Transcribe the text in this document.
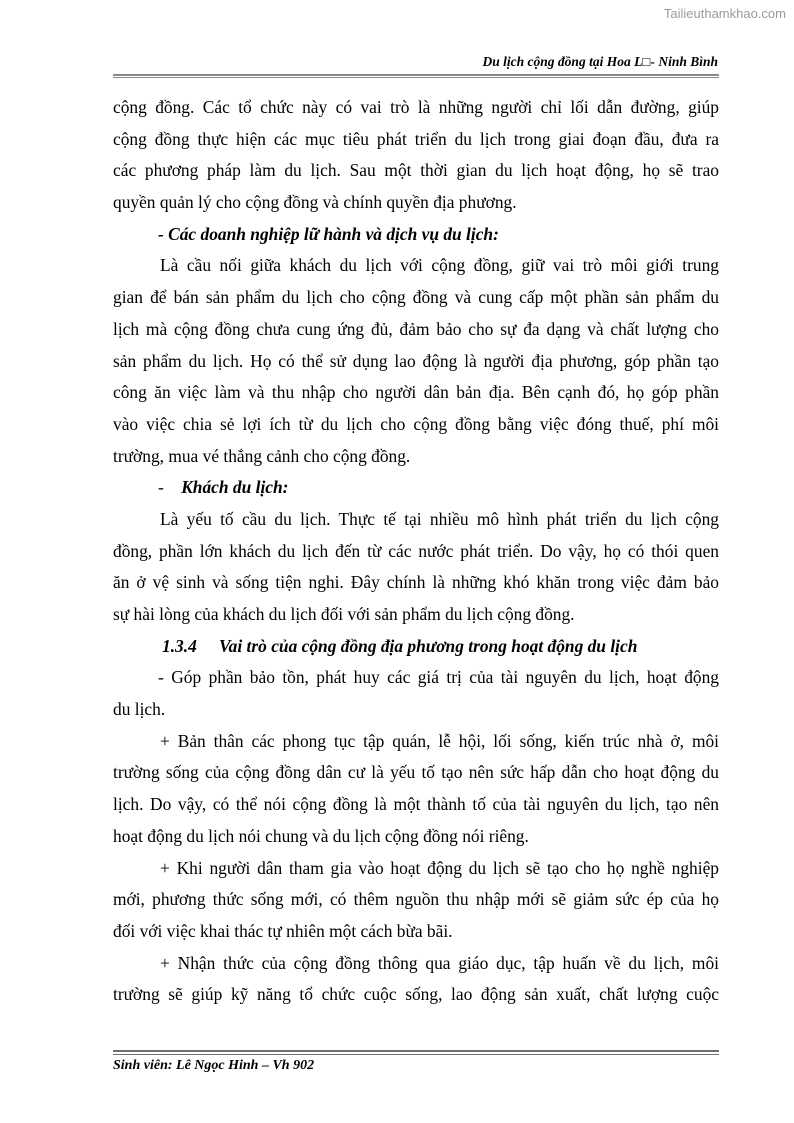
Tailieuthamkhao.com
Du lịch cộng đồng tại Hoa L□- Ninh Bình
cộng đồng. Các tổ chức này có vai trò là những người chỉ lối dẫn đường, giúp
cộng đồng thực hiện các mục tiêu phát triển du lịch trong giai đoạn đầu, đưa ra
các phương pháp làm du lịch. Sau một thời gian du lịch hoạt động, họ sẽ trao
quyền quản lý cho cộng đồng và chính quyền địa phương.
- Các doanh nghiệp lữ hành và dịch vụ du lịch:
Là cầu nối giữa khách du lịch với cộng đồng, giữ vai trò môi giới trung
gian để bán sản phẩm du lịch cho cộng đồng và cung cấp một phần sản phẩm du
lịch mà cộng đồng chưa cung ứng đủ, đảm bảo cho sự đa dạng và chất lượng cho
sản phẩm du lịch. Họ có thể sử dụng lao động là người địa phương, góp phần tạo
công ăn việc làm và thu nhập cho người dân bản địa. Bên cạnh đó, họ góp phần
vào việc chia sẻ lợi ích từ du lịch cho cộng đồng bằng việc đóng thuế, phí môi
trường, mua vé thắng cảnh cho cộng đồng.
- Khách du lịch:
Là yếu tố cầu du lịch. Thực tế tại nhiều mô hình phát triển du lịch cộng
đồng, phần lớn khách du lịch đến từ các nước phát triển. Do vậy, họ có thói quen
ăn ở vệ sinh và sống tiện nghi. Đây chính là những khó khăn trong việc đảm bảo
sự hài lòng của khách du lịch đối với sản phẩm du lịch cộng đồng.
1.3.4 Vai trò của cộng đồng địa phương trong hoạt động du lịch
- Góp phần bảo tồn, phát huy các giá trị của tài nguyên du lịch, hoạt động
du lịch.
+ Bản thân các phong tục tập quán, lễ hội, lối sống, kiến trúc nhà ở, môi
trường sống của cộng đồng dân cư là yếu tố tạo nên sức hấp dẫn cho hoạt động du
lịch. Do vậy, có thể nói cộng đồng là một thành tố của tài nguyên du lịch, tạo nên
hoạt động du lịch nói chung và du lịch cộng đồng nói riêng.
+ Khi người dân tham gia vào hoạt động du lịch sẽ tạo cho họ nghề nghiệp
mới, phương thức sống mới, có thêm nguồn thu nhập mới sẽ giảm sức ép của họ
đối với việc khai thác tự nhiên một cách bừa bãi.
+ Nhận thức của cộng đồng thông qua giáo dục, tập huấn về du lịch, môi
trường sẽ giúp kỹ năng tổ chức cuộc sống, lao động sản xuất, chất lượng cuộc
Sinh viên: Lê Ngọc Hinh – Vh 902
